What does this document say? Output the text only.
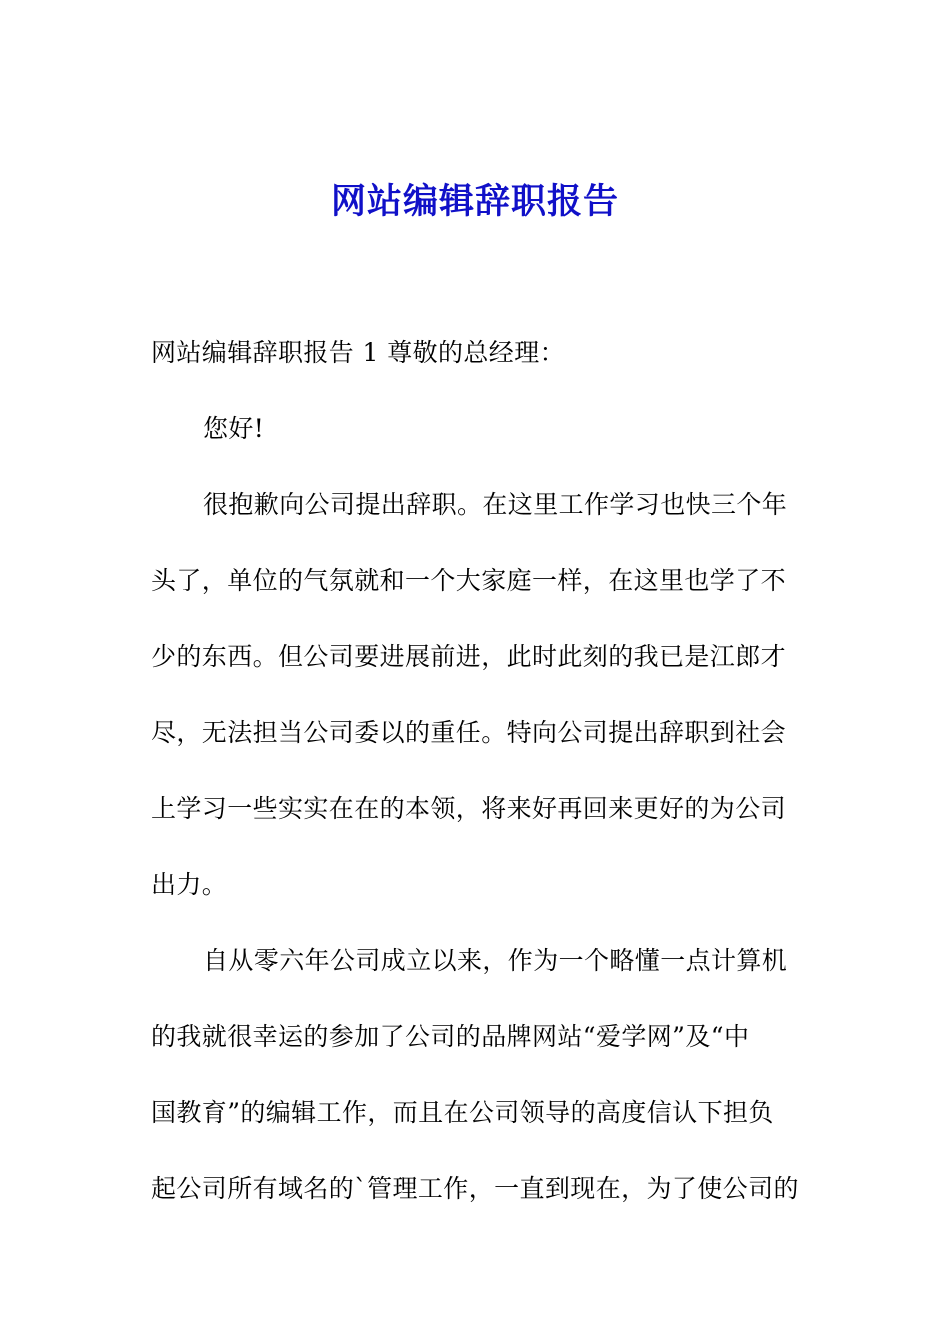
网站编辑辞职报告
网站编辑辞职报告 1 尊敬的总经理：
您好!
很抱歉向公司提出辞职。在这里工作学习也快三个年
头了，单位的气氛就和一个大家庭一样，在这里也学了不
少的东西。但公司要进展前进，此时此刻的我已是江郎才
尽，无法担当公司委以的重任。特向公司提出辞职到社会
上学习一些实实在在的本领，将来好再回来更好的为公司
出力。
自从零六年公司成立以来，作为一个略懂一点计算机
的我就很幸运的参加了公司的品牌网站“爱学网”及“中
国教育”的编辑工作，而且在公司领导的高度信认下担负
起公司所有域名的`管理工作，一直到现在，为了使公司的
